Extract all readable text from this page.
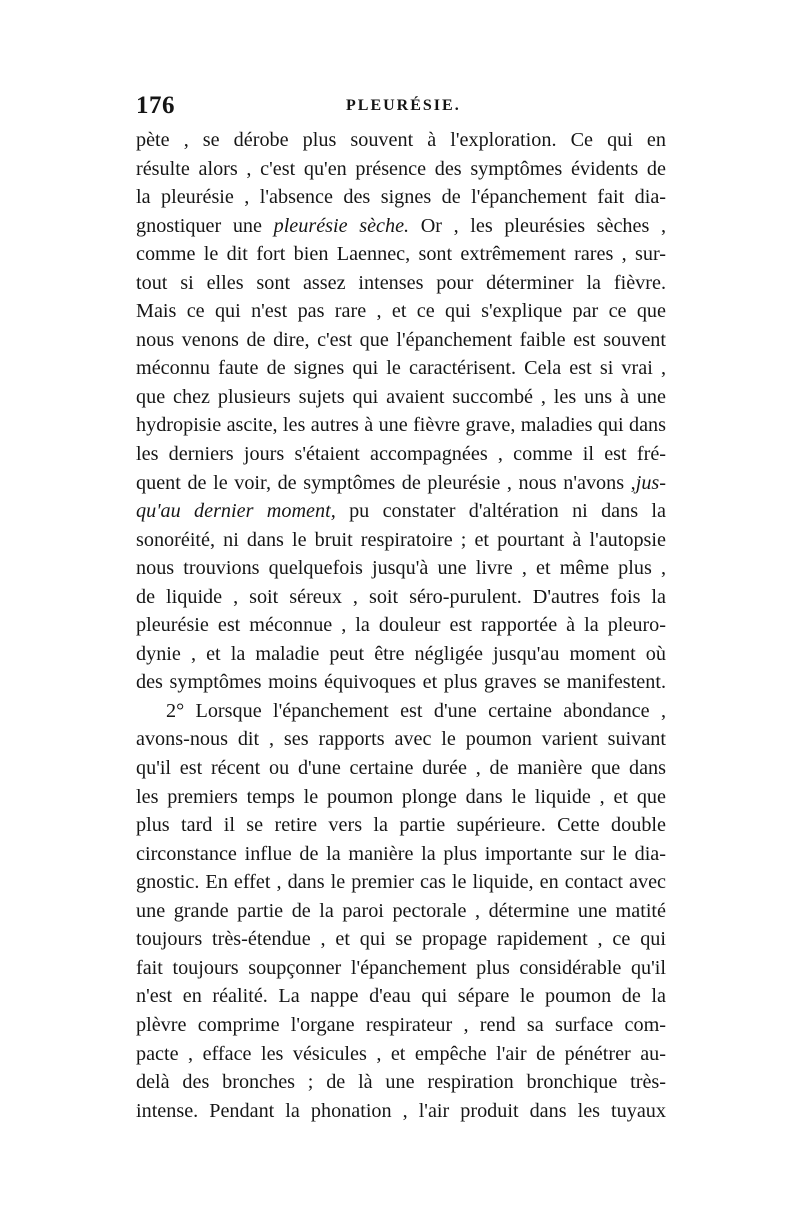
176	PLEURÉSIE.
pète , se dérobe plus souvent à l'exploration. Ce qui en
résulte alors , c'est qu'en présence des symptômes évidents de
la pleurésie , l'absence des signes de l'épanchement fait dia-
gnostiquer une pleurésie sèche. Or , les pleurésies sèches ,
comme le dit fort bien Laennec, sont extrêmement rares , sur-
tout si elles sont assez intenses pour déterminer la fièvre.
Mais ce qui n'est pas rare , et ce qui s'explique par ce que
nous venons de dire, c'est que l'épanchement faible est souvent
méconnu faute de signes qui le caractérisent. Cela est si vrai ,
que chez plusieurs sujets qui avaient succombé , les uns à une
hydropisie ascite, les autres à une fièvre grave, maladies qui dans
les derniers jours s'étaient accompagnées , comme il est fré-
quent de le voir, de symptômes de pleurésie , nous n'avons ,jus-
qu'au dernier moment, pu constater d'altération ni dans la
sonoréité, ni dans le bruit respiratoire ; et pourtant à l'autopsie
nous trouvions quelquefois jusqu'à une livre , et même plus ,
de liquide , soit séreux , soit séro-purulent. D'autres fois la
pleurésie est méconnue , la douleur est rapportée à la pleuro-
dynie , et la maladie peut être négligée jusqu'au moment où
des symptômes moins équivoques et plus graves se manifestent.
2° Lorsque l'épanchement est d'une certaine abondance ,
avons-nous dit , ses rapports avec le poumon varient suivant
qu'il est récent ou d'une certaine durée , de manière que dans
les premiers temps le poumon plonge dans le liquide , et que
plus tard il se retire vers la partie supérieure. Cette double
circonstance influe de la manière la plus importante sur le dia-
gnostic. En effet , dans le premier cas le liquide, en contact avec
une grande partie de la paroi pectorale , détermine une matité
toujours très-étendue , et qui se propage rapidement , ce qui
fait toujours soupçonner l'épanchement plus considérable qu'il
n'est en réalité. La nappe d'eau qui sépare le poumon de la
plèvre comprime l'organe respirateur , rend sa surface com-
pacte , efface les vésicules , et empêche l'air de pénétrer au-
delà des bronches ; de là une respiration bronchique très-
intense. Pendant la phonation , l'air produit dans les tuyaux
